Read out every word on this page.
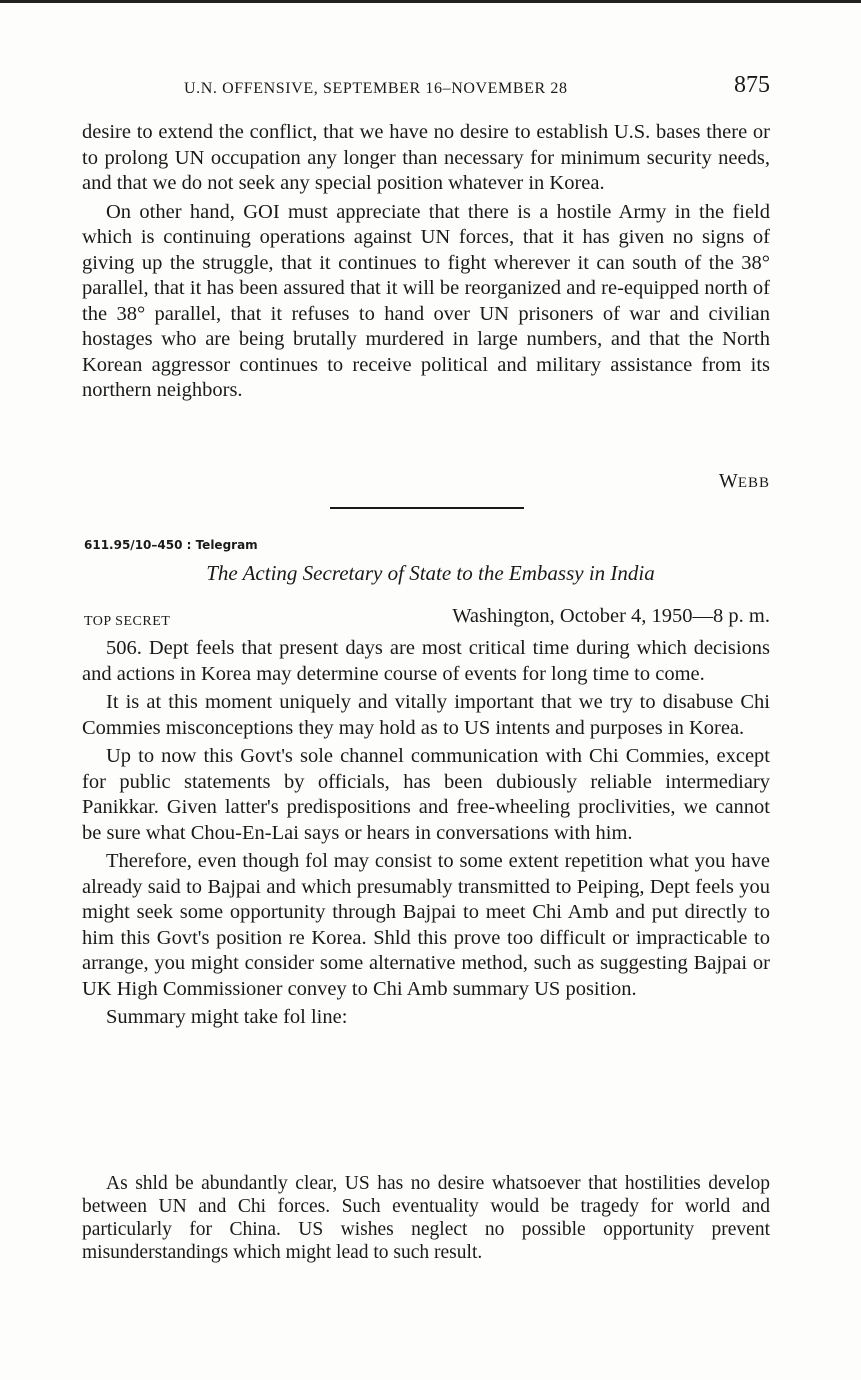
U.N. OFFENSIVE, SEPTEMBER 16–NOVEMBER 28	875

desire to extend the conflict, that we have no desire to establish U.S. bases there or to prolong UN occupation any longer than necessary for minimum security needs, and that we do not seek any special position whatever in Korea.

On other hand, GOI must appreciate that there is a hostile Army in the field which is continuing operations against UN forces, that it has given no signs of giving up the struggle, that it continues to fight wherever it can south of the 38° parallel, that it has been assured that it will be reorganized and re-equipped north of the 38° parallel, that it refuses to hand over UN prisoners of war and civilian hostages who are being brutally murdered in large numbers, and that the North Korean aggressor continues to receive political and military assistance from its northern neighbors.

WEBB
611.95/10–450 : Telegram
The Acting Secretary of State to the Embassy in India
TOP SECRET	Washington, October 4, 1950—8 p. m.

506. Dept feels that present days are most critical time during which decisions and actions in Korea may determine course of events for long time to come.

It is at this moment uniquely and vitally important that we try to disabuse Chi Commies misconceptions they may hold as to US intents and purposes in Korea.

Up to now this Govt's sole channel communication with Chi Commies, except for public statements by officials, has been dubiously reliable intermediary Panikkar. Given latter's predispositions and free-wheeling proclivities, we cannot be sure what Chou-En-Lai says or hears in conversations with him.

Therefore, even though fol may consist to some extent repetition what you have already said to Bajpai and which presumably transmitted to Peiping, Dept feels you might seek some opportunity through Bajpai to meet Chi Amb and put directly to him this Govt's position re Korea. Shld this prove too difficult or impracticable to arrange, you might consider some alternative method, such as suggesting Bajpai or UK High Commissioner convey to Chi Amb summary US position.

Summary might take fol line:

As shld be abundantly clear, US has no desire whatsoever that hostilities develop between UN and Chi forces. Such eventuality would be tragedy for world and particularly for China. US wishes neglect no possible opportunity prevent misunderstandings which might lead to such result.
